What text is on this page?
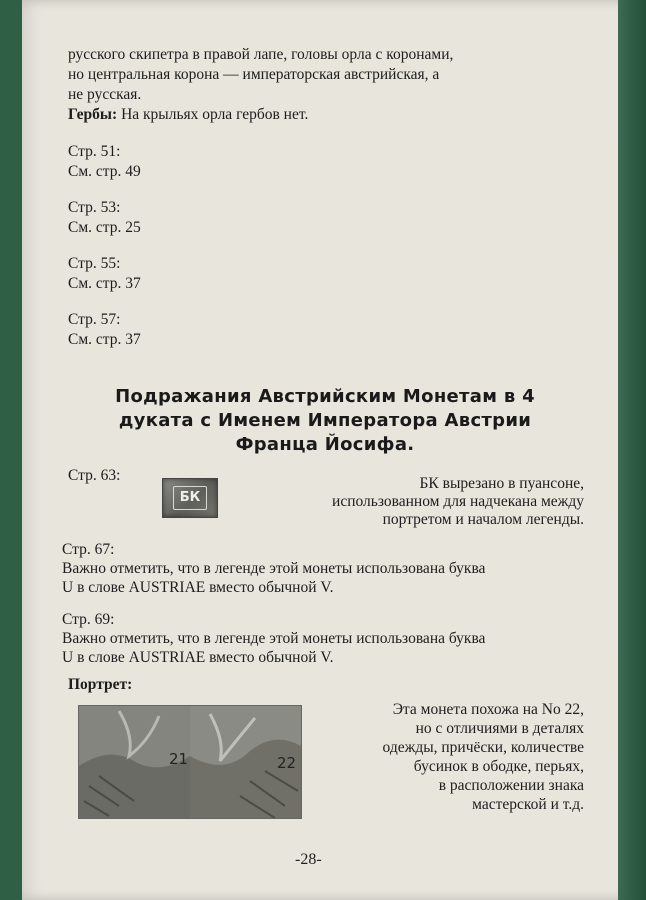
русского скипетра в правой лапе, головы орла с коронами,
но центральная корона — императорская австрийская, а
не русская.
Гербы: На крыльях орла гербов нет.
Стр. 51:
См. стр. 49
Стр. 53:
См. стр. 25
Стр. 55:
См. стр. 37
Стр. 57:
См. стр. 37
Подражания Австрийским Монетам в 4
дуката с Именем Императора Австрии
Франца Йосифа.
Стр. 63:
БК
БК вырезано в пуансоне,
использованном для надчекана между
портретом и началом легенды.
Стр. 67:
Важно отметить, что в легенде этой монеты использована буква
U в слове AUSTRIAE вместо обычной V.
Стр. 69:
Важно отметить, что в легенде этой монеты использована буква
U в слове AUSTRIAE вместо обычной V.
Портрет:
21	22
Эта монета похожа на No 22,
но с отличиями в деталях
одежды, причёски, количестве
бусинок в ободке, перьях,
в расположении знака
мастерской и т.д.
-28-
